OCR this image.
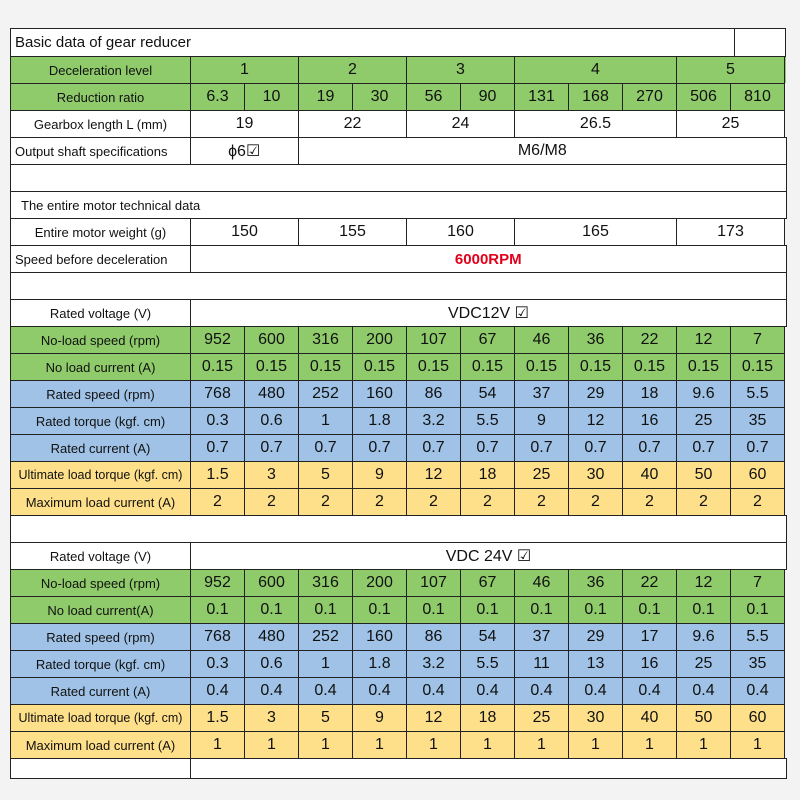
Basic data of gear reducer
Deceleration level	1	2	3	4	5
Reduction ratio	6.3	10	19	30	56	90	131	168	270	506	810
Gearbox length L (mm)	19	22	24	26.5	25
Output shaft specifications	ϕ6☑	M6/M8
The entire motor technical data
Entire motor weight (g)	150	155	160	165	173
Speed before deceleration	6000RPM
Rated voltage (V)	VDC12V ☑
No-load speed (rpm)	952	600	316	200	107	67	46	36	22	12	7
No load current (A)	0.15	0.15	0.15	0.15	0.15	0.15	0.15	0.15	0.15	0.15	0.15
Rated speed (rpm)	768	480	252	160	86	54	37	29	18	9.6	5.5
Rated torque (kgf. cm)	0.3	0.6	1	1.8	3.2	5.5	9	12	16	25	35
Rated current (A)	0.7	0.7	0.7	0.7	0.7	0.7	0.7	0.7	0.7	0.7	0.7
Ultimate load torque (kgf. cm)	1.5	3	5	9	12	18	25	30	40	50	60
Maximum load current (A)	2	2	2	2	2	2	2	2	2	2	2
Rated voltage (V)	VDC 24V ☑
No-load speed (rpm)	952	600	316	200	107	67	46	36	22	12	7
No load current(A)	0.1	0.1	0.1	0.1	0.1	0.1	0.1	0.1	0.1	0.1	0.1
Rated speed (rpm)	768	480	252	160	86	54	37	29	17	9.6	5.5
Rated torque (kgf. cm)	0.3	0.6	1	1.8	3.2	5.5	11	13	16	25	35
Rated current (A)	0.4	0.4	0.4	0.4	0.4	0.4	0.4	0.4	0.4	0.4	0.4
Ultimate load torque (kgf. cm)	1.5	3	5	9	12	18	25	30	40	50	60
Maximum load current (A)	1	1	1	1	1	1	1	1	1	1	1
